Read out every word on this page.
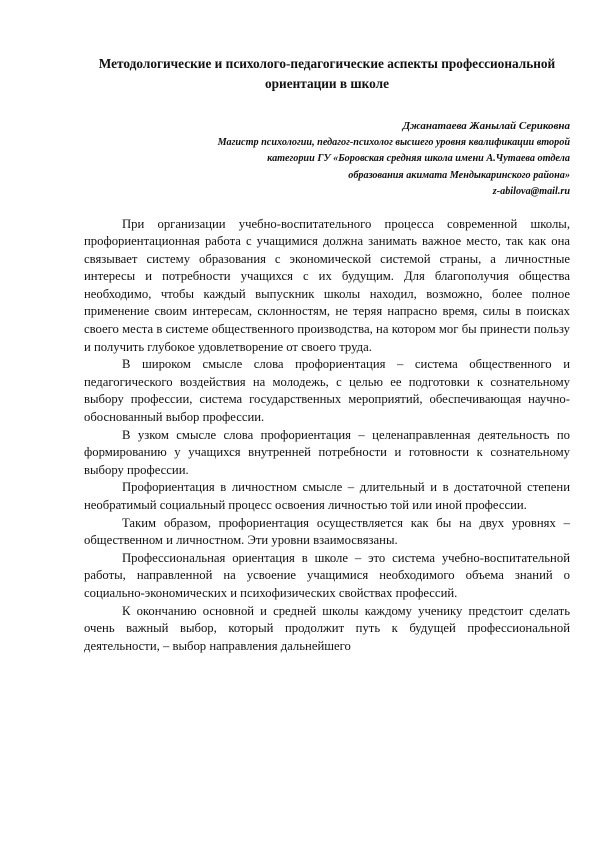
Методологические и психолого-педагогические аспекты профессиональной ориентации в школе
Джанатаева Жанылай Сериковна
Магистр психологии, педагог-психолог высшего уровня квалификации второй
категории ГУ «Боровская средняя школа имени А.Чутаева отдела
образования акимата Мендыкаринского района»
z-abilova@mail.ru

При организации учебно-воспитательного процесса современной школы, профориентационная работа с учащимися должна занимать важное место, так как она связывает систему образования с экономической системой страны, а личностные интересы и потребности учащихся с их будущим. Для благополучия общества необходимо, чтобы каждый выпускник школы находил, возможно, более полное применение своим интересам, склонностям, не теряя напрасно время, силы в поисках своего места в системе общественного производства, на котором мог бы принести пользу и получить глубокое удовлетворение от своего труда.

В широком смысле слова профориентация – система общественного и педагогического воздействия на молодежь, с целью ее подготовки к сознательному выбору профессии, система государственных мероприятий, обеспечивающая научно-обоснованный выбор профессии.

В узком смысле слова профориентация – целенаправленная деятельность по формированию у учащихся внутренней потребности и готовности к сознательному выбору профессии.

Профориентация в личностном смысле – длительный и в достаточной степени необратимый социальный процесс освоения личностью той или иной профессии.

Таким образом, профориентация осуществляется как бы на двух уровнях – общественном и личностном. Эти уровни взаимосвязаны.

Профессиональная ориентация в школе – это система учебно-воспитательной работы, направленной на усвоение учащимися необходимого объема знаний о социально-экономических и психофизических свойствах профессий.

К окончанию основной и средней школы каждому ученику предстоит сделать очень важный выбор, который продолжит путь к будущей профессиональной деятельности, – выбор направления дальнейшего
